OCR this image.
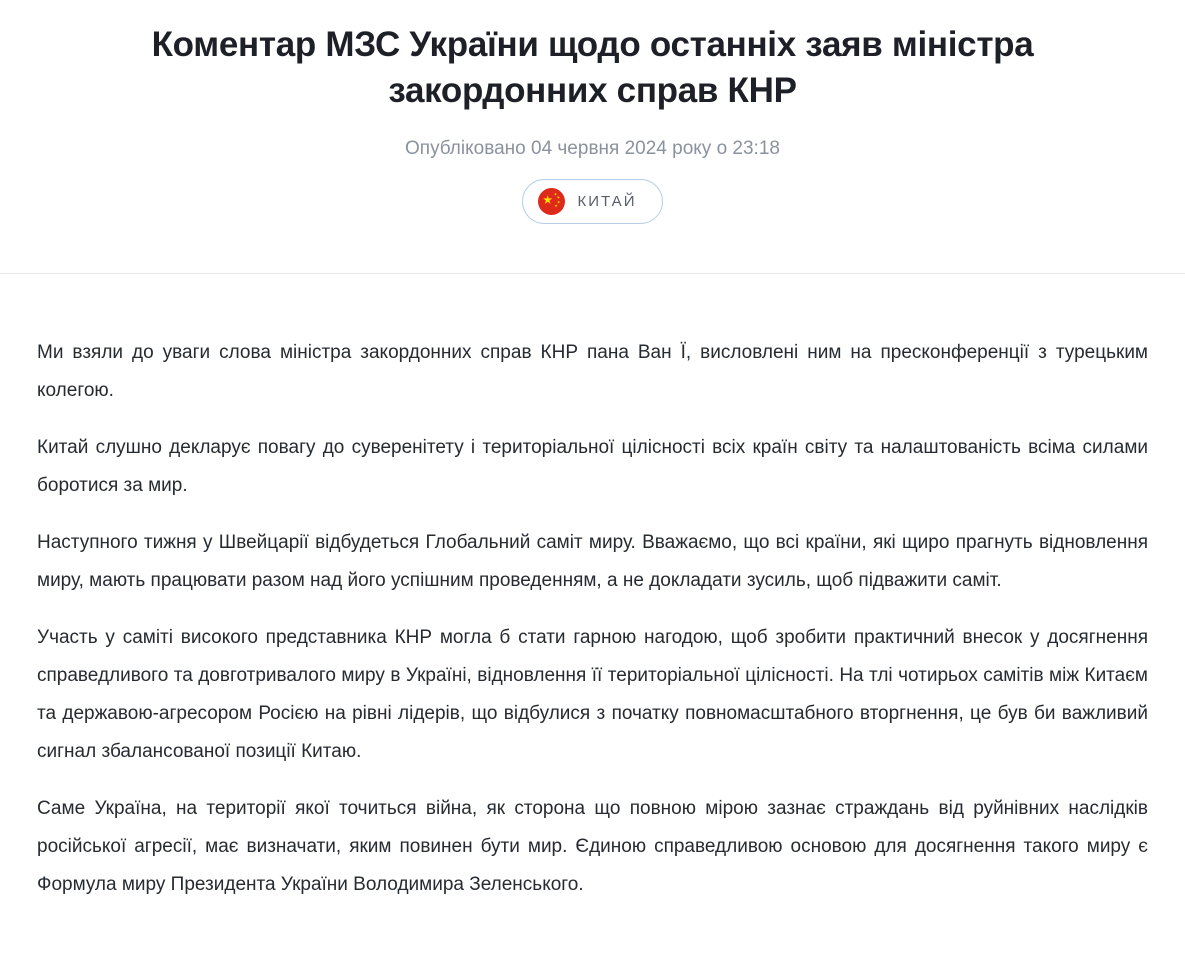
Коментар МЗС України щодо останніх заяв міністра закордонних справ КНР
Опубліковано 04 червня 2024 року о 23:18
КИТАЙ

Ми взяли до уваги слова міністра закордонних справ КНР пана Ван Ї, висловлені ним на пресконференції з турецьким колегою.

Китай слушно декларує повагу до суверенітету і територіальної цілісності всіх країн світу та налаштованість всіма силами боротися за мир.

Наступного тижня у Швейцарії відбудеться Глобальний саміт миру. Вважаємо, що всі країни, які щиро прагнуть відновлення миру, мають працювати разом над його успішним проведенням, а не докладати зусиль, щоб підважити саміт.

Участь у саміті високого представника КНР могла б стати гарною нагодою, щоб зробити практичний внесок у досягнення справедливого та довготривалого миру в Україні, відновлення її територіальної цілісності. На тлі чотирьох самітів між Китаєм та державою-агресором Росією на рівні лідерів, що відбулися з початку повномасштабного вторгнення, це був би важливий сигнал збалансованої позиції Китаю.

Саме Україна, на території якої точиться війна, як сторона що повною мірою зазнає страждань від руйнівних наслідків російської агресії, має визначати, яким повинен бути мир. Єдиною справедливою основою для досягнення такого миру є Формула миру Президента України Володимира Зеленського.
